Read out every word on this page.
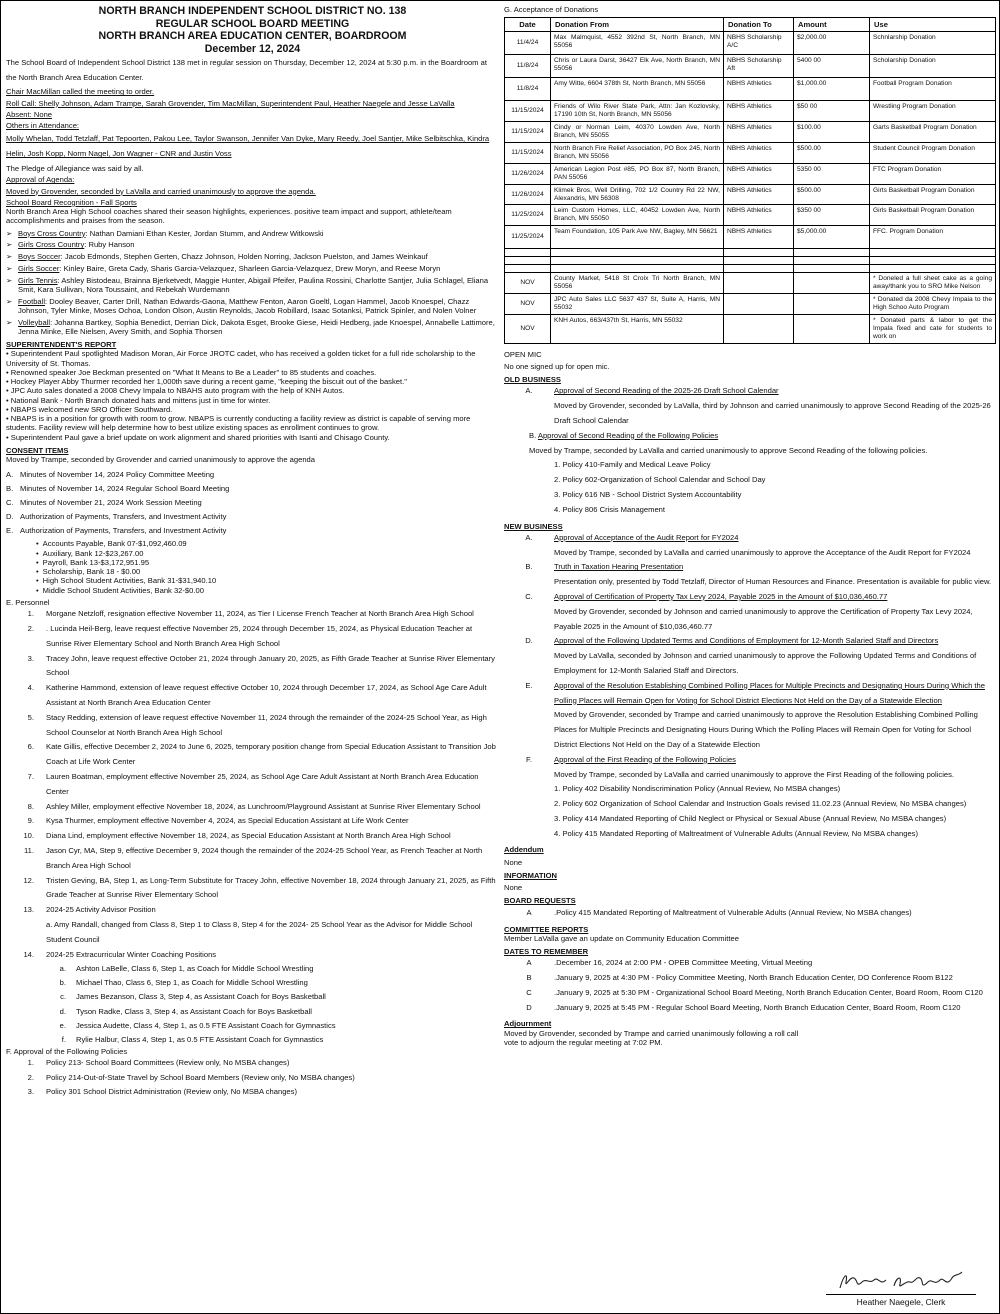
NORTH BRANCH INDEPENDENT SCHOOL DISTRICT NO. 138
REGULAR SCHOOL BOARD MEETING
NORTH BRANCH AREA EDUCATION CENTER, BOARDROOM
December 12, 2024

The School Board of Independent School District 138 met in regular session on Thursday, December 12, 2024 at 5:30 p.m. in the Boardroom at the North Branch Area Education Center.

Chair MacMillan called the meeting to order.

Roll Call: Shelly Johnson, Adam Trampe, Sarah Grovender, Tim MacMillan, Superintendent Paul, Heather Naegele and Jesse LaValla

Absent: None

Others in Attendance:

Molly Whelan, Todd Tetzlaff, Pat Tepoorten, Pakou Lee, Taylor Swanson, Jennifer Van Dyke, Mary Reedy, Joel Santjer, Mike Selbitschka, Kindra Helin, Josh Kopp, Norm Nagel, Jon Wagner - CNR and Justin Voss

The Pledge of Allegiance was said by all.

Approval of Agenda:

Moved by Grovender, seconded by LaValla and carried unanimously to approve the agenda.

School Board Recognition - Fall Sports

North Branch Area High School coaches shared their season highlights, experiences. positive team impact and support, athlete/team accomplishments and praises from the season.

➢ Boys Cross Country: Nathan Damiani Ethan Kester, Jordan Stumm, and Andrew Witkowski
➢ Girls Cross Country: Ruby Hanson
➢ Boys Soccer: Jacob Edmonds, Stephen Gerten, Chazz Johnson, Holden Norring, Jackson Puelston, and James Weinkauf
➢ Girls Soccer: Kinley Baire, Greta Cady, Sharis Garcia-Velazquez, Sharleen Garcia-Velazquez, Drew Moryn, and Reese Moryn
➢ Girls Tennis: Ashley Bistodeau, Brainna Bjerketvedt, Maggie Hunter, Abigail Pfeifer, Paulina Rossini, Charlotte Santjer, Julia Schlagel, Eliana Smit, Kara Sullivan, Nora Toussaint, and Rebekah Wurdemann
➢ Football: Dooley Beaver, Carter Drill, Nathan Edwards-Gaona, Matthew Fenton, Aaron Goeltl, Logan Hammel, Jacob Knoespel, Chazz Johnson, Tyler Minke, Moses Ochoa, London Olson, Austin Reynolds, Jacob Robillard, Isaac Sotanksi, Patrick Spinler, and Nolen Volner
➢ Volleyball: Johanna Bartkey, Sophia Benedict, Derrian Dick, Dakota Esget, Brooke Giese, Heidi Hedberg, jade Knoespel, Annabelle Lattimore, Jenna Minke, Elle Nielsen, Avery Smith, and Sophia Thorsen
SUPERINTENDENT'S REPORT
• Superintendent Paul spotlighted Madison Moran, Air Force JROTC cadet, who has received a golden ticket for a full ride scholarship to the University of St. Thomas.
• Renowned speaker Joe Beckman presented on "What It Means to Be a Leader" to 85 students and coaches.
• Hockey Player Abby Thurmer recorded her 1,000th save during a recent game, "keeping the biscuit out of the basket."
• JPC Auto sales donated a 2008 Chevy Impala to NBAHS auto program with the help of KNH Autos.
• National Bank - North Branch donated hats and mittens just in time for winter.
• NBAPS welcomed new SRO Officer Southward.
• NBAPS is in a position for growth with room to grow. NBAPS is currently conducting a facility review as district is capable of serving more students. Facility review will help determine how to best utilize existing spaces as enrollment continues to grow.
• Superintendent Paul gave a brief update on work alignment and shared priorities with Isanti and Chisago County.
CONSENT ITEMS

Moved by Trampe, seconded by Grovender and carried unanimously to approve the agenda

A. Minutes of November 14, 2024 Policy Committee Meeting
B. Minutes of November 14, 2024 Regular School Board Meeting
C. Minutes of November 21, 2024 Work Session Meeting
D. Authorization of Payments, Transfers, and Investment Activity
E. Authorization of Payments, Transfers, and Investment Activity
• Accounts Payable, Bank 07-$1,092,460.09
• Auxiliary, Bank 12-$23,267.00
• Payroll, Bank 13-$3,172,951.95
• Scholarship, Bank 18 - $0.00
• High School Student Activities, Bank 31-$31,940.10
• Middle School Student Activities, Bank 32-$0.00
E. Personnel
1.	Morgane Netzloff, resignation effective November 11, 2024, as Tier I License French Teacher at North Branch Area High School
2.	. Lucinda Heil-Berg, leave request effective November 25, 2024 through December 15, 2024, as Physical Education Teacher at Sunrise River Elementary School and North Branch Area High School
3.	Tracey John, leave request effective October 21, 2024 through January 20, 2025, as Fifth Grade Teacher at Sunrise River Elementary School
4.	Katherine Hammond, extension of leave request effective October 10, 2024 through December 17, 2024, as School Age Care Adult Assistant at North Branch Area Education Center
5.	Stacy Redding, extension of leave request effective November 11, 2024 through the remainder of the 2024-25 School Year, as High School Counselor at North Branch Area High School
6.	Kate Gillis, effective December 2, 2024 to June 6, 2025, temporary position change from Special Education Assistant to Transition Job Coach at Life Work Center
7.	Lauren Boatman, employment effective November 25, 2024, as School Age Care Adult Assistant at North Branch Area Education Center
8.	Ashley Miller, employment effective November 18, 2024, as Lunchroom/Playground Assistant at Sunrise River Elementary School
9.	Kysa Thurmer, employment effective November 4, 2024, as Special Education Assistant at Life Work Center
10.	Diana Lind, employment effective November 18, 2024, as Special Education Assistant at North Branch Area High School
11.	Jason Cyr, MA, Step 9, effective December 9, 2024 though the remainder of the 2024-25 School Year, as French Teacher at North Branch Area High School
12.	Tristen Geving, BA, Step 1, as Long-Term Substitute for Tracey John, effective November 18, 2024 through January 21, 2025, as Fifth Grade Teacher at Sunrise River Elementary School
13.	2024-25 Activity Advisor Position
a. Amy Randall, changed from Class 8, Step 1 to Class 8, Step 4 for the 2024- 25 School Year as the Advisor for Middle School Student Council
14.	2024-25 Extracurricular Winter Coaching Positions
a.	Ashton LaBelle, Class 6, Step 1, as Coach for Middle School Wrestling
b.	Michael Thao, Class 6, Step 1, as Coach for Middle School Wrestling
c.	James Bezanson, Class 3, Step 4, as Assistant Coach for Boys Basketball
d.	Tyson Radke, Class 3, Step 4, as Assistant Coach for Boys Basketball
e.	Jessica Audette, Class 4, Step 1, as 0.5 FTE Assistant Coach for Gymnastics
f.	Rylie Halbur, Class 4, Step 1, as 0.5 FTE Assistant Coach for Gymnastics
F. Approval of the Following Policies
1.	Policy 213- School Board Committees (Review only, No MSBA changes)
2.	Policy 214-Out-of-State Travel by School Board Members (Review only, No MSBA changes)
3.	Policy 301 School District Administration (Review only, No MSBA changes)
G. Acceptance of Donations
Date	Donation From	Donation To	Amount	Use
11/4/24	Max Malmquist, 4552 392nd St, North Branch, MN 55056	NBHS Scholarship A/C	$2,000.00	Schnlarship Donation
11/8/24	Chris or Laura Darst, 36427 Elk Ave, North Branch, MN 55056	NBHS Scholarship Aft	5400 00	Scholarship Donation
11/8/24	Amy Witte, 6604 378th St, North Branch, MN 55056	NBHS Athletics	$1,000.00	Football Program Donation
11/15/2024	Friends of Wilo River State Park, Attn: Jan Kozlovsky, 17190 10th St, North Branch, MN 55056	NBHS Athletics	$50 00	Wrestling Program Donation
11/15/2024	Cindy or Norman Leim, 40370 Lowden Ave, North Branch, MN 55055	NBHS Athletics	$100.00	Garts Basketball Program Donation
11/15/2024	North Branch Fire Relief Association, PO Box 245, North Branch, MN 55056	NBHS Athletics	$500.00	Student Council Program Donation
11/26/2024	American Legion Post #85, PO Box 87, North Branch, PAN 55056	NBHS Athletics	5350 00	FTC Program Donation
11/26/2024	Klimek Bros, Well Drilling, 702 1/2 Country Rd 22 NW, Alexandris, MN 56308	NBHS Athletics	$500.00	Girts Basketball Program Donation
11/25/2024	Leim Custom Homes, LLC, 40452 Lowden Ave, North Branch, MN 55050	NBHS Athletics	$350 00	Girls Basketball Program Donation
11/25/2024	Team Foundation, 105 Park Ave NW, Bagley, MN 56621	NBHS Athletics	$5,000.00	FFC. Program Donation

NOV	County Market, 5418 St Croix Tri North Branch, MN 55056			* Doneled a full sheet cake as a going away/thank you to SRO Mike Nelson
NOV	JPC Auto Sales LLC 5637 437 St, Suite A, Harris, MN 55032			* Donated da 2008 Chevy Impaia to the High Schoo Auto Program
NOV	KNH Autos, 663/437th St, Harris, MN 55032			* Donated parts & labor to get the Impala fixed and cate for students to work on
OPEN MIC

No one signed up for open mic.

OLD BUSINESS
A.	Approval of Second Reading of the 2025-26 Draft School Calendar
Moved by Grovender, seconded by LaValla, third by Johnson and carried unanimously to approve Second Reading of the 2025-26 Draft School Calendar
B. Approval of Second Reading of the Following Policies
Moved by Trampe, seconded by LaValla and carried unanimously to approve Second Reading of the following policies.
1. Policy 410-Family and Medical Leave Policy
2. Policy 602-Organization of School Calendar and School Day
3. Policy 616 NB - School District System Accountability
4. Policy 806 Crisis Management
NEW BUSINESS
A.	Approval of Acceptance of the Audit Report for FY2024
Moved by Trampe, seconded by LaValla and carried unanimously to approve the Acceptance of the Audit Report for FY2024
B.	Truth in Taxation Hearing Presentation
Presentation only, presented by Todd Tetzlaff, Director of Human Resources and Finance. Presentation is available for public view.
C.	Approval of Certification of Property Tax Levy 2024, Payable 2025 in the Amount of $10,036,460.77
Moved by Grovender, seconded by Johnson and carried unanimously to approve the Certification of Property Tax Levy 2024, Payable 2025 in the Amount of $10,036,460.77
D.	Approval of the Following Updated Terms and Conditions of Employment for 12-Month Salaried Staff and Directors
Moved by LaValla, seconded by Johnson and carried unanimously to approve the Following Updated Terms and Conditions of Employment for 12-Month Salaried Staff and Directors.
E.	Approval of the Resolution Establishing Combined Polling Places for Multiple Precincts and Designating Hours During Which the Polling Places will Remain Open for Voting for School District Elections Not Held on the Day of a Statewide Election
Moved by Grovender, seconded by Trampe and carried unanimously to approve the Resolution Establishing Combined Polling Places for Multiple Precincts and Designating Hours During Which the Polling Places will Remain Open for Voting for School District Elections Not Held on the Day of a Statewide Election
F.	Approval of the First Reading of the Following Policies
Moved by Trampe, seconded by LaValla and carried unanimously to approve the First Reading of the following policies.
1. Policy 402 Disability Nondiscrimination Policy (Annual Review, No MSBA changes)
2. Policy 602 Organization of School Calendar and Instruction Goals revised 11.02.23 (Annual Review, No MSBA changes)
3. Policy 414 Mandated Reporting of Child Neglect or Physical or Sexual Abuse (Annual Review, No MSBA changes)
4. Policy 415 Mandated Reporting of Maltreatment of Vulnerable Adults (Annual Review, No MSBA changes)
Addendum

None

INFORMATION

None

BOARD REQUESTS
A	.Policy 415 Mandated Reporting of Maltreatment of Vulnerable Adults (Annual Review, No MSBA changes)
COMMITTEE REPORTS

Member LaValla gave an update on Community Education Committee

DATES TO REMEMBER
A	.December 16, 2024 at 2:00 PM - OPEB Committee Meeting, Virtual Meeting
B	.January 9, 2025 at 4:30 PM - Policy Committee Meeting, North Branch Education Center, DO Conference Room B122
C	.January 9, 2025 at 5:30 PM - Organizational School Board Meeting, North Branch Education Center, Board Room, Room C120
D	.January 9, 2025 at 5:45 PM - Regular School Board Meeting, North Branch Education Center, Board Room, Room C120
Adjournment

Moved by Grovender, seconded by Trampe and carried unanimously following a roll call vote to adjourn the regular meeting at 7:02 PM.

Heather Naegele, Clerk
